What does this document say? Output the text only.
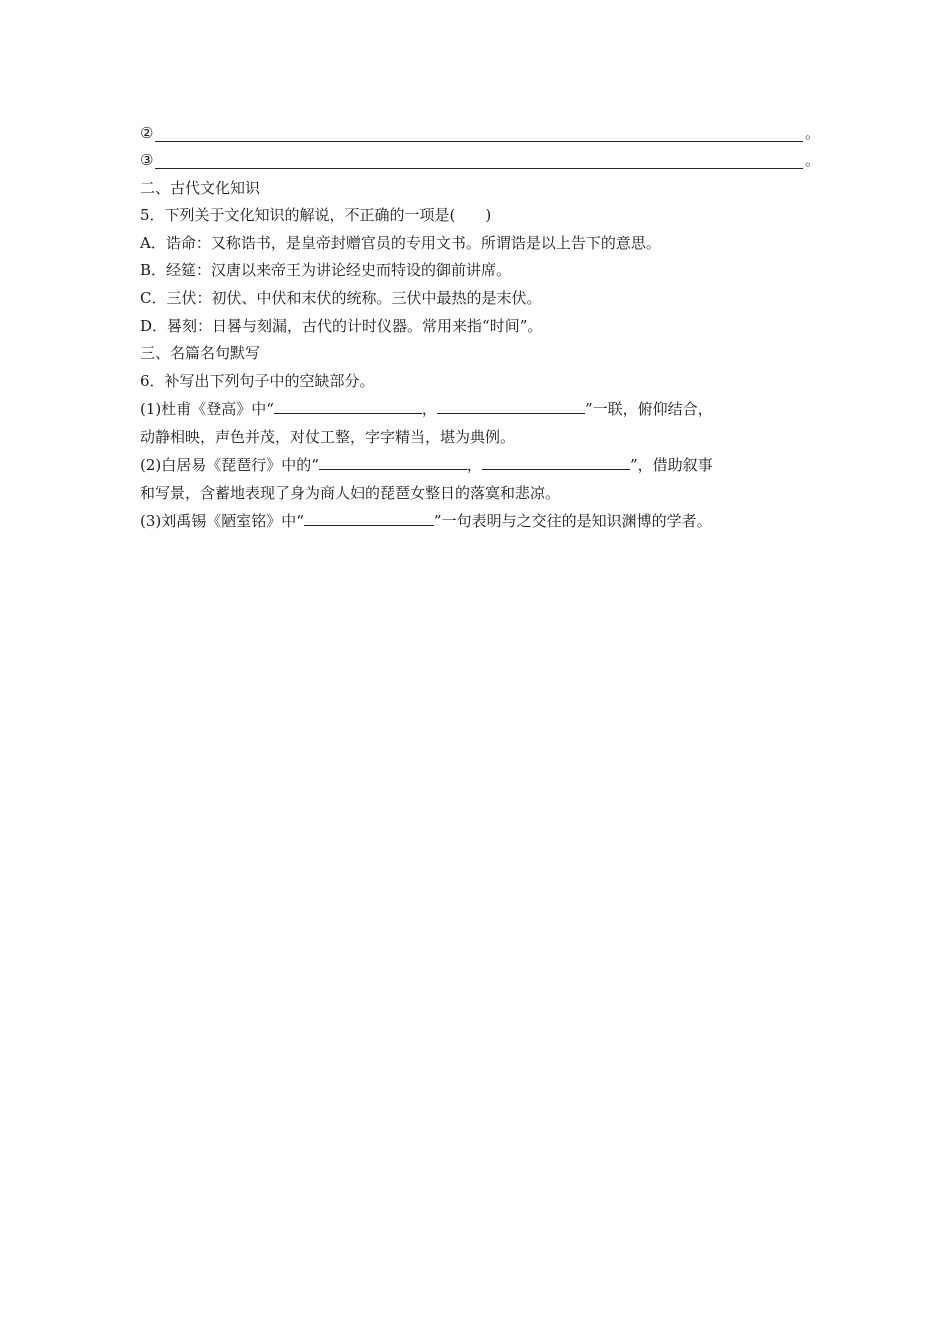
②	。
③	。
二、古代文化知识
5．下列关于文化知识的解说，不正确的一项是(　　)
A．诰命：又称诰书，是皇帝封赠官员的专用文书。所谓诰是以上告下的意思。
B．经筵：汉唐以来帝王为讲论经史而特设的御前讲席。
C．三伏：初伏、中伏和末伏的统称。三伏中最热的是末伏。
D．晷刻：日晷与刻漏，古代的计时仪器。常用来指“时间”。
三、名篇名句默写
6．补写出下列句子中的空缺部分。
(1)杜甫《登高》中“	，	”一联，俯仰结合，
动静相映，声色并茂，对仗工整，字字精当，堪为典例。
(2)白居易《琵琶行》中的“	，	”，借助叙事
和写景，含蓄地表现了身为商人妇的琵琶女整日的落寞和悲凉。
(3)刘禹锡《陋室铭》中“	”一句表明与之交往的是知识渊博的学者。
